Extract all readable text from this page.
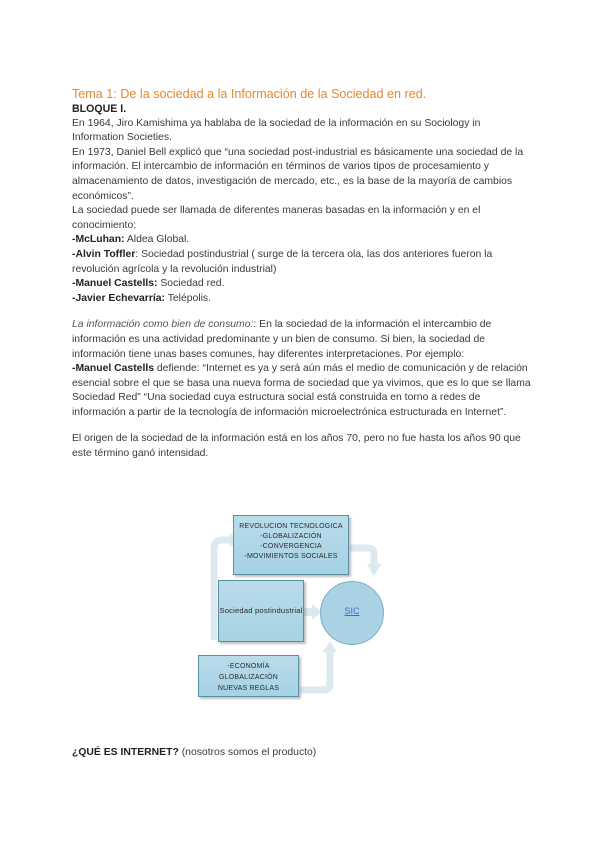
Tema 1: De la sociedad a la Información de la Sociedad en red.

BLOQUE I.

En 1964, Jiro Kamishima ya hablaba de la sociedad de la información en su Sociology in Information Societies.

En 1973, Daniel Bell explicó que “una sociedad post-industrial es básicamente una sociedad de la información. El intercambio de información en términos de varios tipos de procesamiento y almacenamiento de datos, investigación de mercado, etc., es la base de la mayoría de cambios económicos”.

La sociedad puede ser llamada de diferentes maneras basadas en la información y en el conocimiento:

-McLuhan: Aldea Global.

-Alvin Toffler: Sociedad postindustrial ( surge de la tercera ola, las dos anteriores fueron la revolución agrícola y la revolución industrial)

-Manuel Castells: Sociedad red.

-Javier Echevarría: Telépolis.

La información como bien de consumo:: En la sociedad de la información el intercambio de información es una actividad predominante y un bien de consumo. Si bien, la sociedad de información tiene unas bases comunes, hay diferentes interpretaciones. Por ejemplo:

-Manuel Castells defiende: “Internet es ya y será aún más el medio de comunicación y de relación esencial sobre el que se basa una nueva forma de sociedad que ya vivimos, que es lo que se llama Sociedad Red” “Una sociedad cuya estructura social está construida en torno a redes de información a partir de la tecnología de información microelectrónica estructurada en Internet”.

El origen de la sociedad de la información está en los años 70, pero no fue hasta los años 90 que este término ganó intensidad.

REVOLUCION TECNOLOGICA
-GLOBALIZACIÓN
-CONVERGENCIA
-MOVIMIENTOS SOCIALES
Sociedad postindustrial	SIC
-ECONOMÍA
GLOBALIZACIÓN
NUEVAS REGLAS

¿QUÉ ES INTERNET? (nosotros somos el producto)
